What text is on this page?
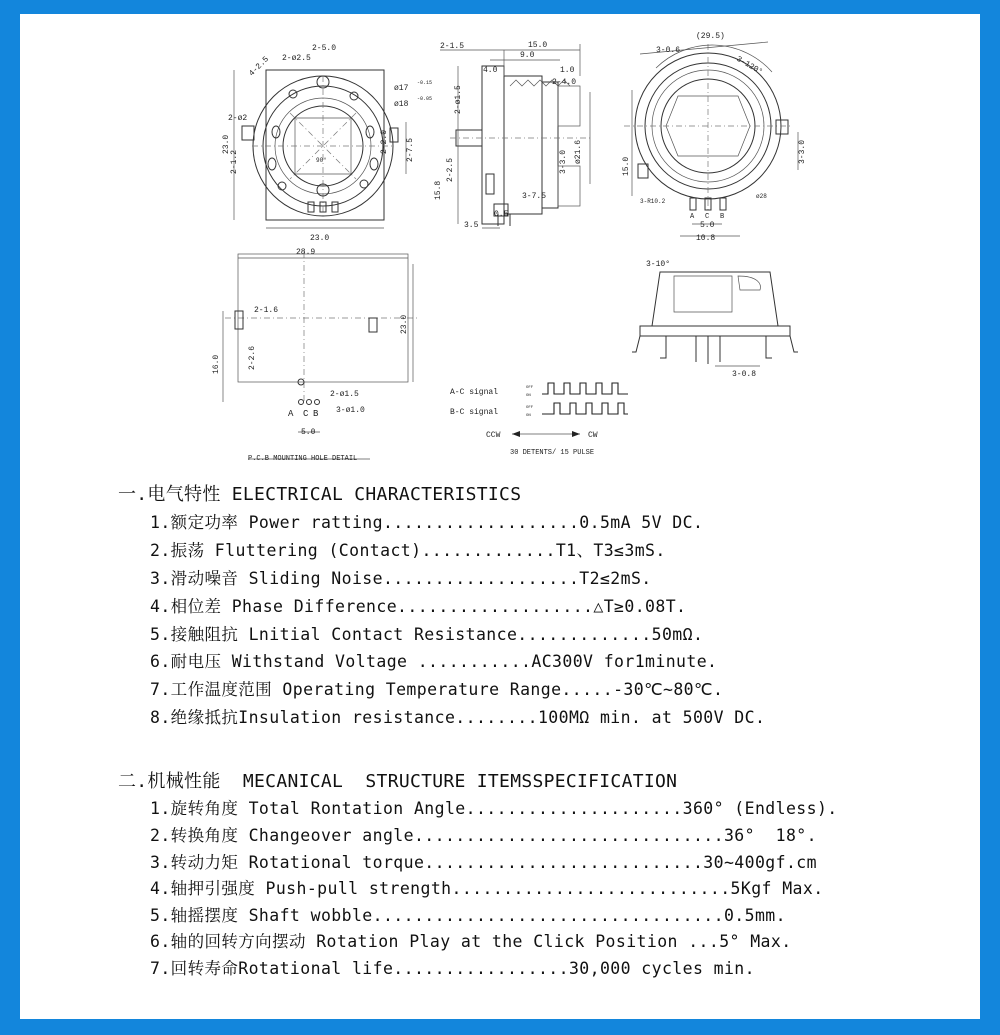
2-ø2.5
2-5.0
4-2.5
ø17
-0.15
ø18
-0.05
2-ø2
2-1.2
23.0
23.0
2-2.0 2-7.5
90°
15.0
9.0
2-1.5
4.0	1.0
2-4.0
2-ø1.5
2-2.5
15.8
3-3.0 ø21.6
3-7.5
0.5
3.5
(29.5)
3-0.6
3-120°
3-3.0
15.0
3-R10.2
ø28
5.0
10.8
A C B
28.9
2-1.6
2-2.6
16.0
23.0
2-ø1.5
3-ø1.0
5.0
A C B
P.C.B MOUNTING HOLE DETAIL
A-C signal
B-C signal
OFF
ON
OFF
ON
CCW	CW
30 DETENTS/ 15 PULSE
3-10°
3-0.8
一.电气特性 ELECTRICAL CHARACTERISTICS
1.额定功率 Power ratting...................0.5mA 5V DC.
2.振荡 Fluttering (Contact).............T1、T3≤3mS.
3.滑动噪音 Sliding Noise...................T2≤2mS.
4.相位差 Phase Difference...................△T≥0.08T.
5.接触阻抗 Lnitial Contact Resistance.............50mΩ.
6.耐电压 Withstand Voltage ...........AC300V for1minute.
7.工作温度范围 Operating Temperature Range.....-30℃~80℃.
8.绝缘抵抗Insulation resistance........100MΩ min. at 500V DC.
二.机械性能  MECANICAL  STRUCTURE ITEMSSPECIFICATION
1.旋转角度 Total Rontation Angle.....................360° (Endless).
2.转换角度 Changeover angle..............................36°  18°.
3.转动力矩 Rotational torque...........................30~400gf.cm
4.轴押引强度 Push-pull strength...........................5Kgf Max.
5.轴摇摆度 Shaft wobble..................................0.5mm.
6.轴的回转方向摆动 Rotation Play at the Click Position ...5° Max.
7.回转寿命Rotational life.................30,000 cycles min.
